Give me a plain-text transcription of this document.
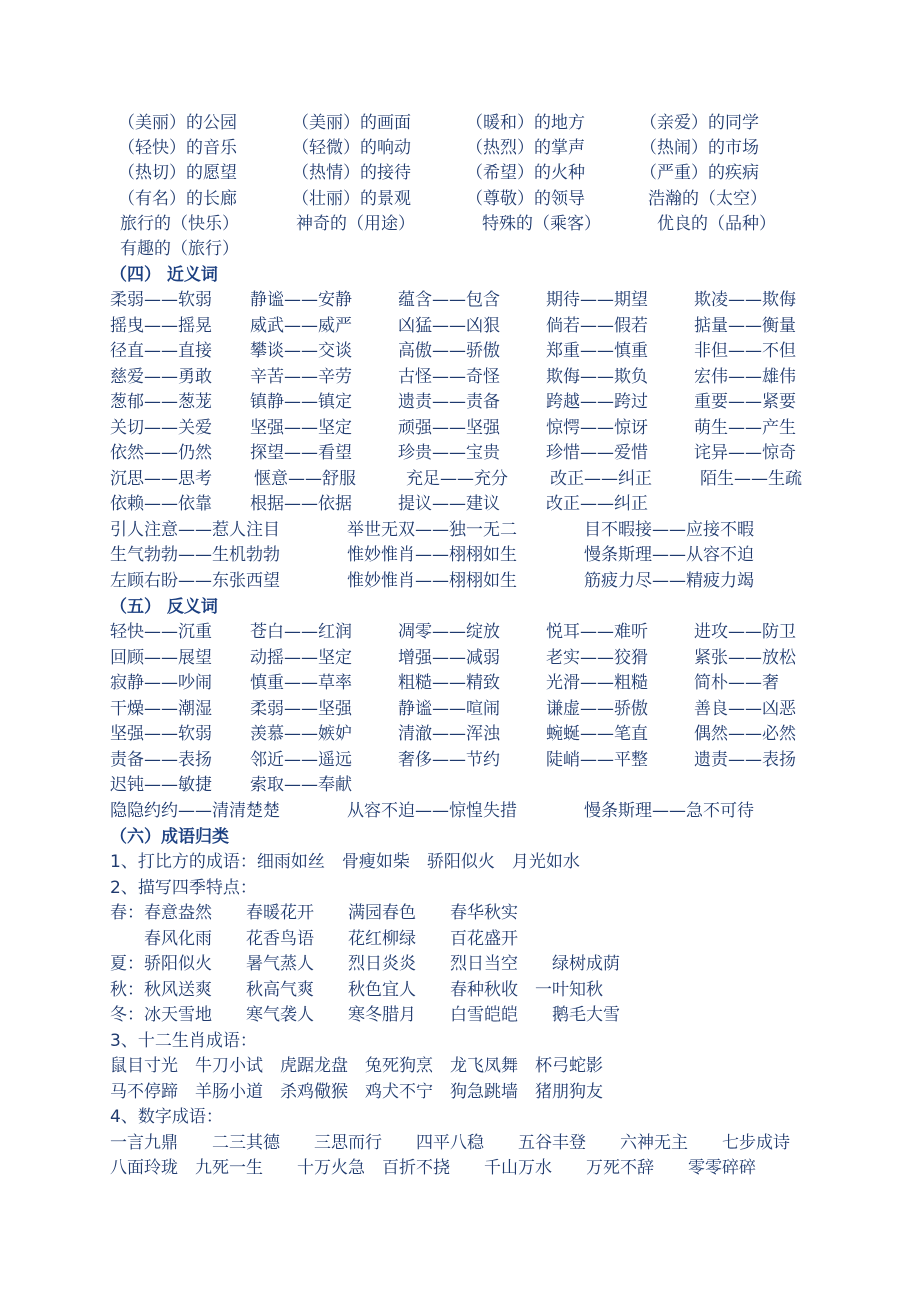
（美丽）的公园	（美丽）的画面	（暖和）的地方	（亲爱）的同学
（轻快）的音乐	（轻微）的响动	（热烈）的掌声	（热闹）的市场
（热切）的愿望	（热情）的接待	（希望）的火种	（严重）的疾病
（有名）的长廊	（壮丽）的景观	（尊敬）的领导	浩瀚的（太空）
旅行的（快乐）	神奇的（用途）	特殊的（乘客）	优良的（品种）
有趣的（旅行）
（四） 近义词
柔弱——软弱 静谧——安静	蕴含——包含	期待——期望	欺凌——欺侮
摇曳——摇晃 威武——威严	凶猛——凶狠	倘若——假若	掂量——衡量
径直——直接 攀谈——交谈	高傲——骄傲	郑重——慎重	非但——不但
慈爱——勇敢 辛苦——辛劳	古怪——奇怪	欺侮——欺负	宏伟——雄伟
葱郁——葱茏 镇静——镇定	遗责——责备	跨越——跨过	重要——紧要
关切——关爱 坚强——坚定	顽强——坚强	惊愕——惊讶	萌生——产生
依然——仍然 探望——看望	珍贵——宝贵	珍惜——爱惜	诧异——惊奇
沉思——思考 惬意——舒服	充足——充分 改正——纠正	陌生——生疏
依赖——依靠 根据——依据	提议——建议	改正——纠正
引人注意——惹人注目	举世无双——独一无二	目不暇接——应接不暇
生气勃勃——生机勃勃	惟妙惟肖——栩栩如生	慢条斯理——从容不迫
左顾右盼——东张西望	惟妙惟肖——栩栩如生	筋疲力尽——精疲力竭
（五） 反义词
轻快——沉重 苍白——红润	凋零——绽放	悦耳——难听	进攻——防卫
回顾——展望 动摇——坚定	增强——减弱	老实——狡猾	紧张——放松
寂静——吵闹 慎重——草率	粗糙——精致	光滑——粗糙	简朴——奢
干燥——潮湿 柔弱——坚强	静谧——喧闹	谦虚——骄傲	善良——凶恶
坚强——软弱 羡慕——嫉妒	清澈——浑浊	蜿蜒——笔直	偶然——必然
责备——表扬 邻近——遥远	奢侈——节约	陡峭——平整	遗责——表扬
迟钝——敏捷 索取——奉献
隐隐约约——清清楚楚	从容不迫——惊惶失措	慢条斯理——急不可待
（六）成语归类
1、打比方的成语：细雨如丝　骨瘦如柴　骄阳似火　月光如水
2、描写四季特点：
春：春意盎然　　春暖花开　　满园春色　　春华秋实
　　春风化雨　　花香鸟语　　花红柳绿　　百花盛开
夏：骄阳似火　　暑气蒸人　　烈日炎炎　　烈日当空　　绿树成荫
秋：秋风送爽　　秋高气爽　　秋色宜人　　春种秋收　一叶知秋
冬：冰天雪地　　寒气袭人　　寒冬腊月　　白雪皑皑　　鹅毛大雪
3、十二生肖成语：
鼠目寸光　牛刀小试　虎踞龙盘　兔死狗烹　龙飞凤舞　杯弓蛇影
马不停蹄　羊肠小道　杀鸡儆猴　鸡犬不宁　狗急跳墙　猪朋狗友
4、数字成语：
一言九鼎　　二三其德　　三思而行　　四平八稳　　五谷丰登　　六神无主　　七步成诗
八面玲珑　九死一生　　十万火急　百折不挠　　千山万水　　万死不辞　　零零碎碎
